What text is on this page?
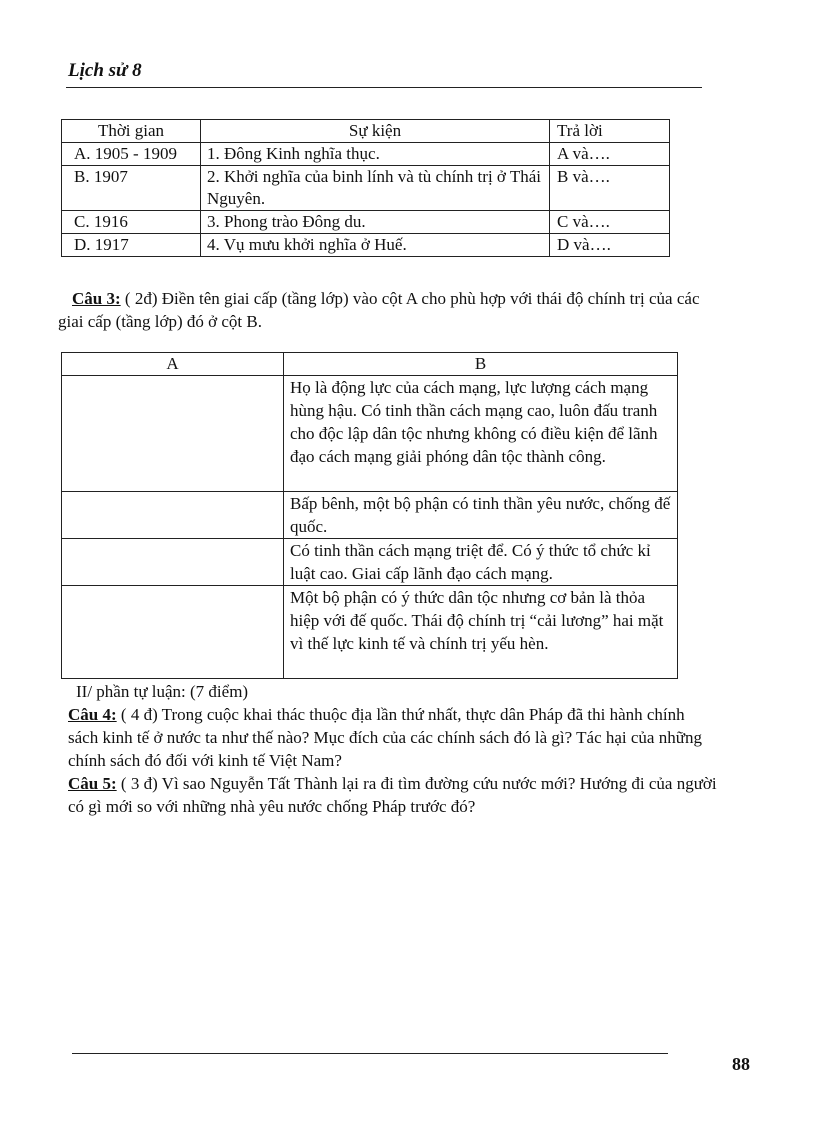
Lịch sử 8
Thời gian	Sự kiện	Trả lời
A. 1905 - 1909	1. Đông Kinh nghĩa thục.	A và….
B. 1907	2. Khởi nghĩa của binh lính và tù chính trị ở Thái Nguyên.	B và….
C. 1916	3. Phong trào Đông du.	C và….
D. 1917	4. Vụ mưu khởi nghĩa ở Huế.	D và….
Câu 3: ( 2đ) Điền tên giai cấp (tầng lớp) vào cột A cho phù hợp với thái độ chính trị của các giai cấp (tầng lớp) đó ở cột B.
A	B
	Họ là động lực của cách mạng, lực lượng cách mạng hùng hậu. Có tinh thần cách mạng cao, luôn đấu tranh cho độc lập dân tộc nhưng không có điều kiện để lãnh đạo cách mạng giải phóng dân tộc thành công.
	Bấp bênh, một bộ phận có tinh thần yêu nước, chống đế quốc.
	Có tinh thần cách mạng triệt để. Có ý thức tổ chức kỉ luật cao. Giai cấp lãnh đạo cách mạng.
	Một bộ phận có ý thức dân tộc nhưng cơ bản là thỏa hiệp với đế quốc. Thái độ chính trị “cải lương” hai mặt vì thế lực kinh tế và chính trị yếu hèn.
II/ phần tự luận: (7 điểm)
Câu 4: ( 4 đ) Trong cuộc khai thác thuộc địa lần thứ nhất, thực dân Pháp đã thi hành chính sách kinh tế ở nước ta như thế nào? Mục đích của các chính sách đó là gì? Tác hại của những chính sách đó đối với kinh tế Việt Nam?
Câu 5: ( 3 đ) Vì sao Nguyễn Tất Thành lại ra đi tìm đường cứu nước mới? Hướng đi của người có gì mới so với những nhà yêu nước chống Pháp trước đó?
88
